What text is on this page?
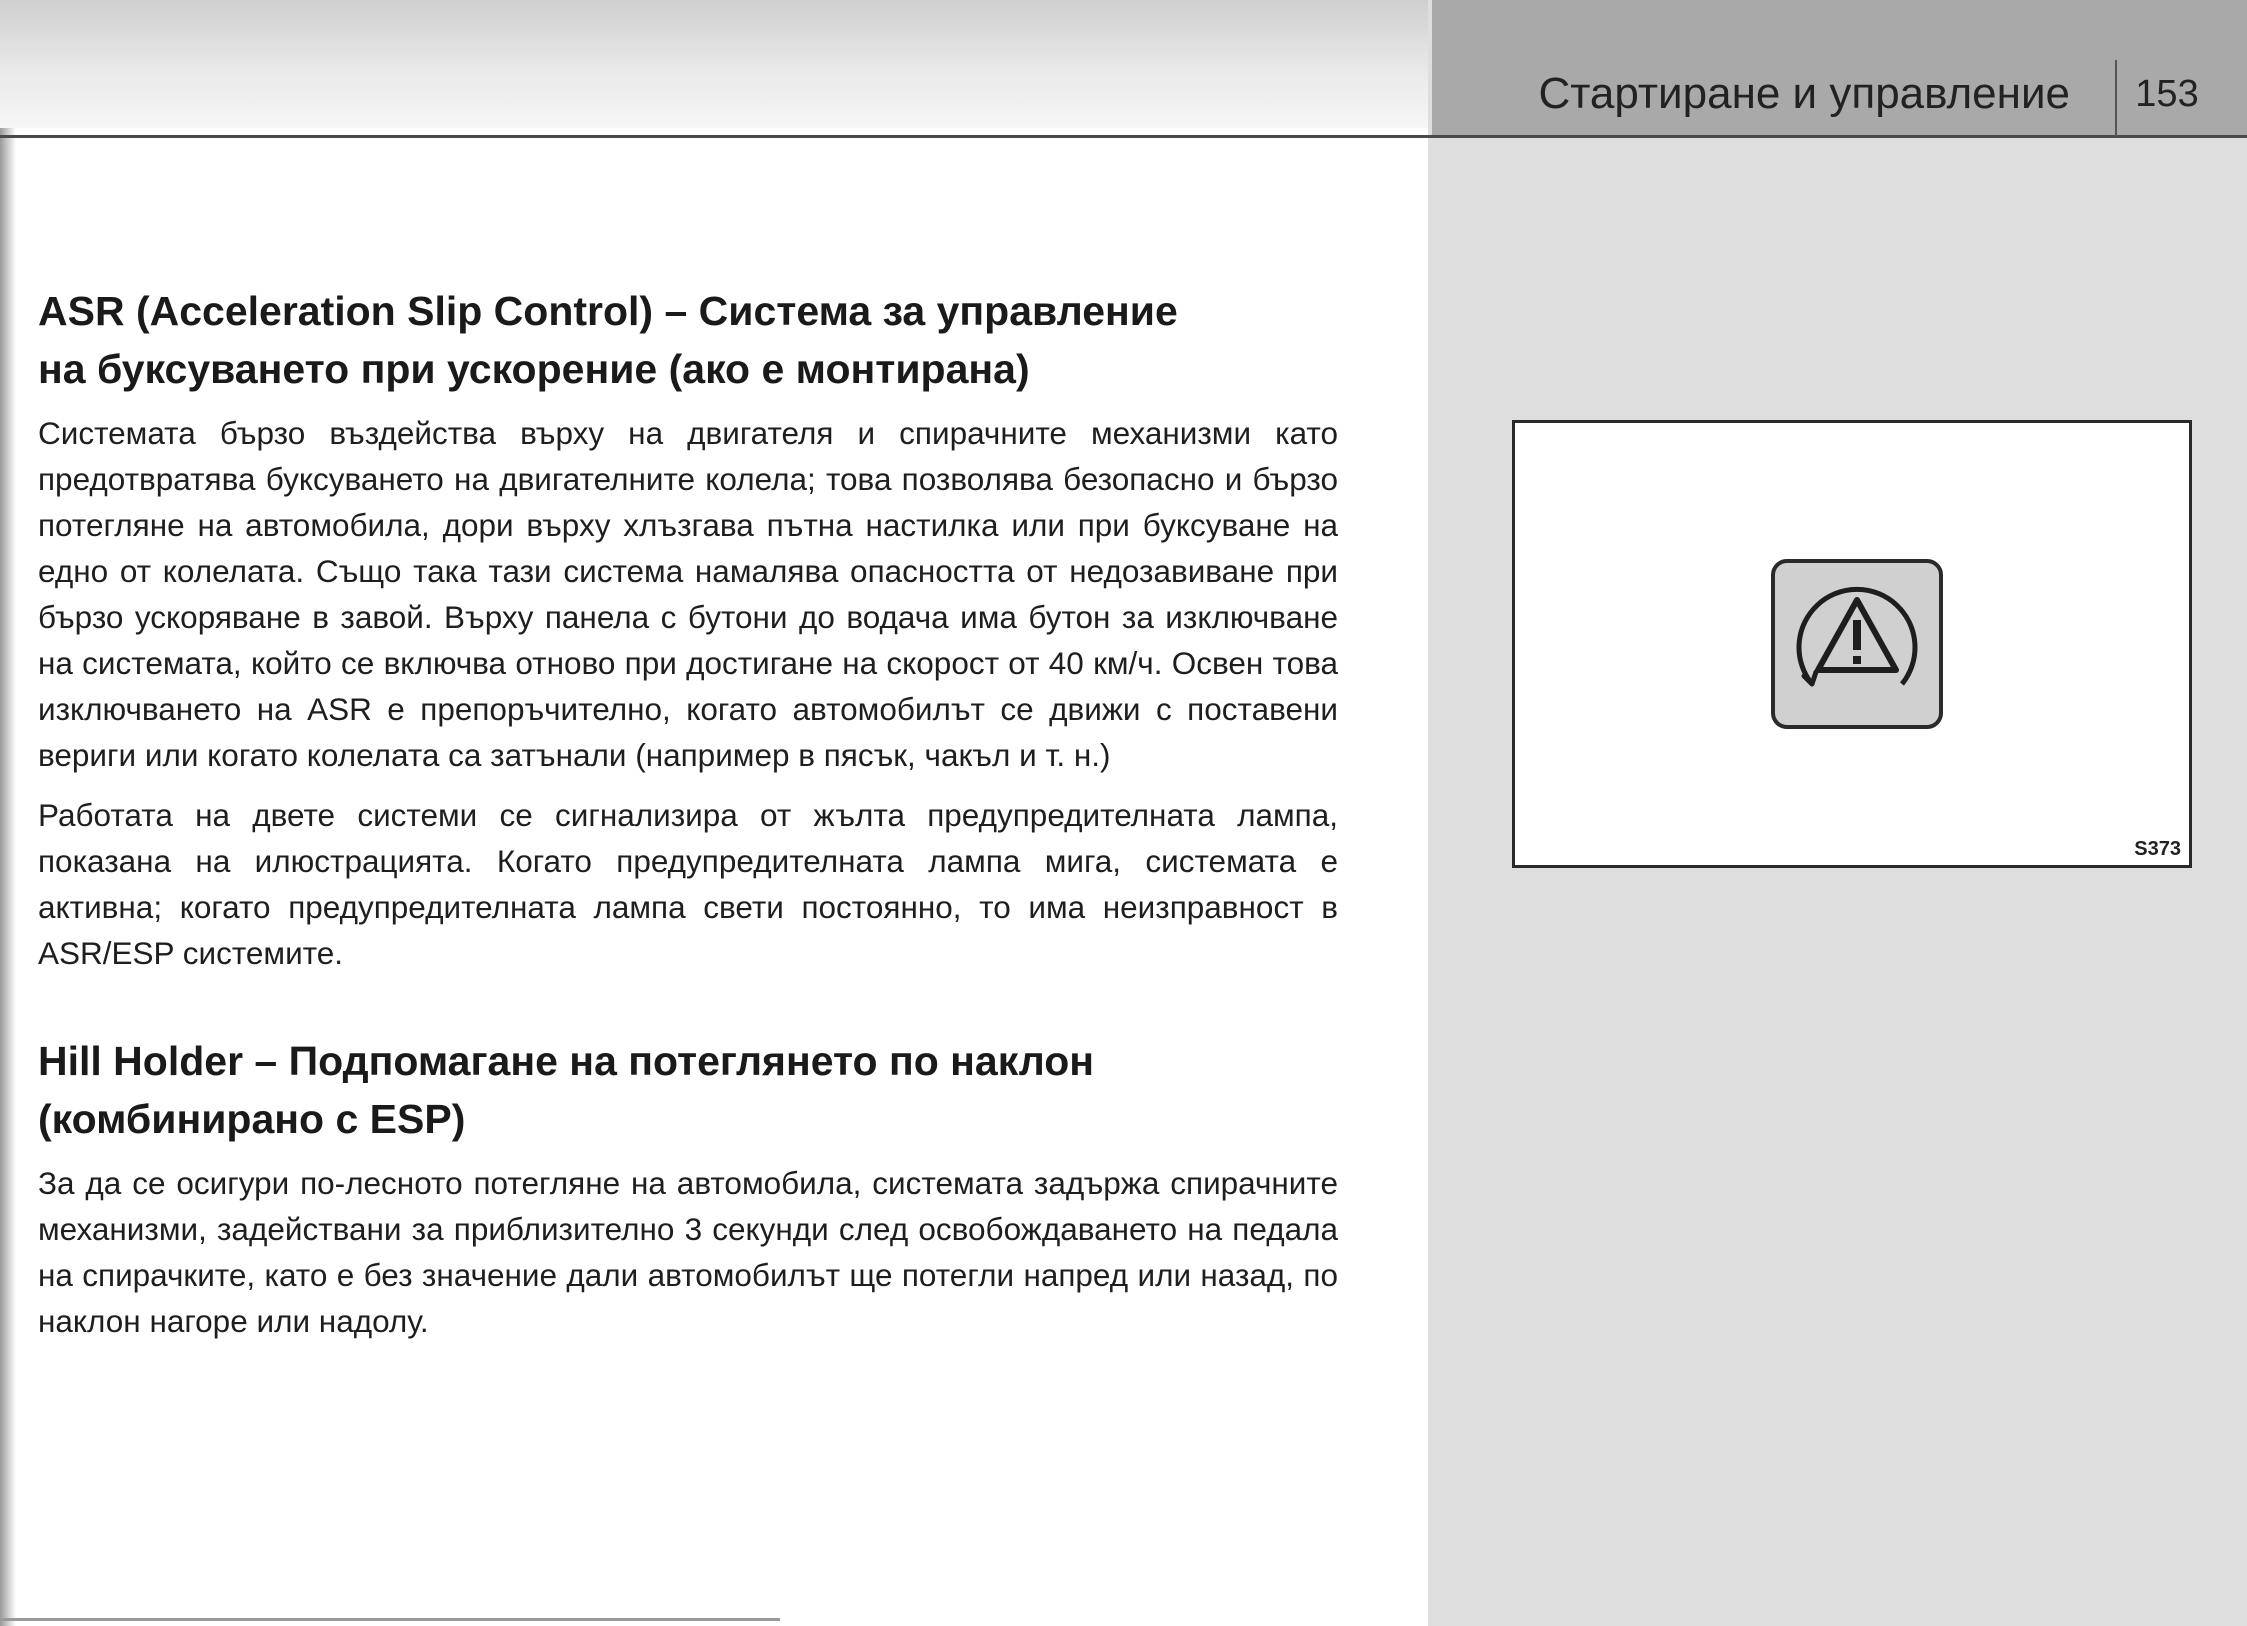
Стартиране и управление	153
ASR (Acceleration Slip Control) – Система за управление
на буксуването при ускорение (ако е монтирана)

Системата бързо въздейства върху на двигателя и спирачните механизми като предотвратява буксуването на двигателните колела; това позволява безопасно и бързо потегляне на автомобила, дори върху хлъзгава пътна настилка или при буксуване на едно от колелата. Също така тази система намалява опасността от недозавиване при бързо ускоряване в завой. Върху панела с бутони до водача има бутон за изключване на системата, който се включва отново при достигане на скорост от 40 км/ч. Освен това изключването на ASR е препоръчително, когато автомобилът се движи с поставени вериги или когато колелата са затънали (например в пясък, чакъл и т. н.)

Работата на двете системи се сигнализира от жълта предупредителната лампа, показана на илюстрацията. Когато предупредителната лампа мига, системата е активна; когато предупредителната лампа свети постоянно, то има неизправност в ASR/ESP системите.

Hill Holder – Подпомагане на потеглянето по наклон
(комбинирано с ESP)

За да се осигури по-лесното потегляне на автомобила, системата задържа спирачните механизми, задействани за приблизително 3 секунди след освобождаването на педала на спирачките, като е без значение дали автомобилът ще потегли напред или назад, по наклон нагоре или надолу.

S373
